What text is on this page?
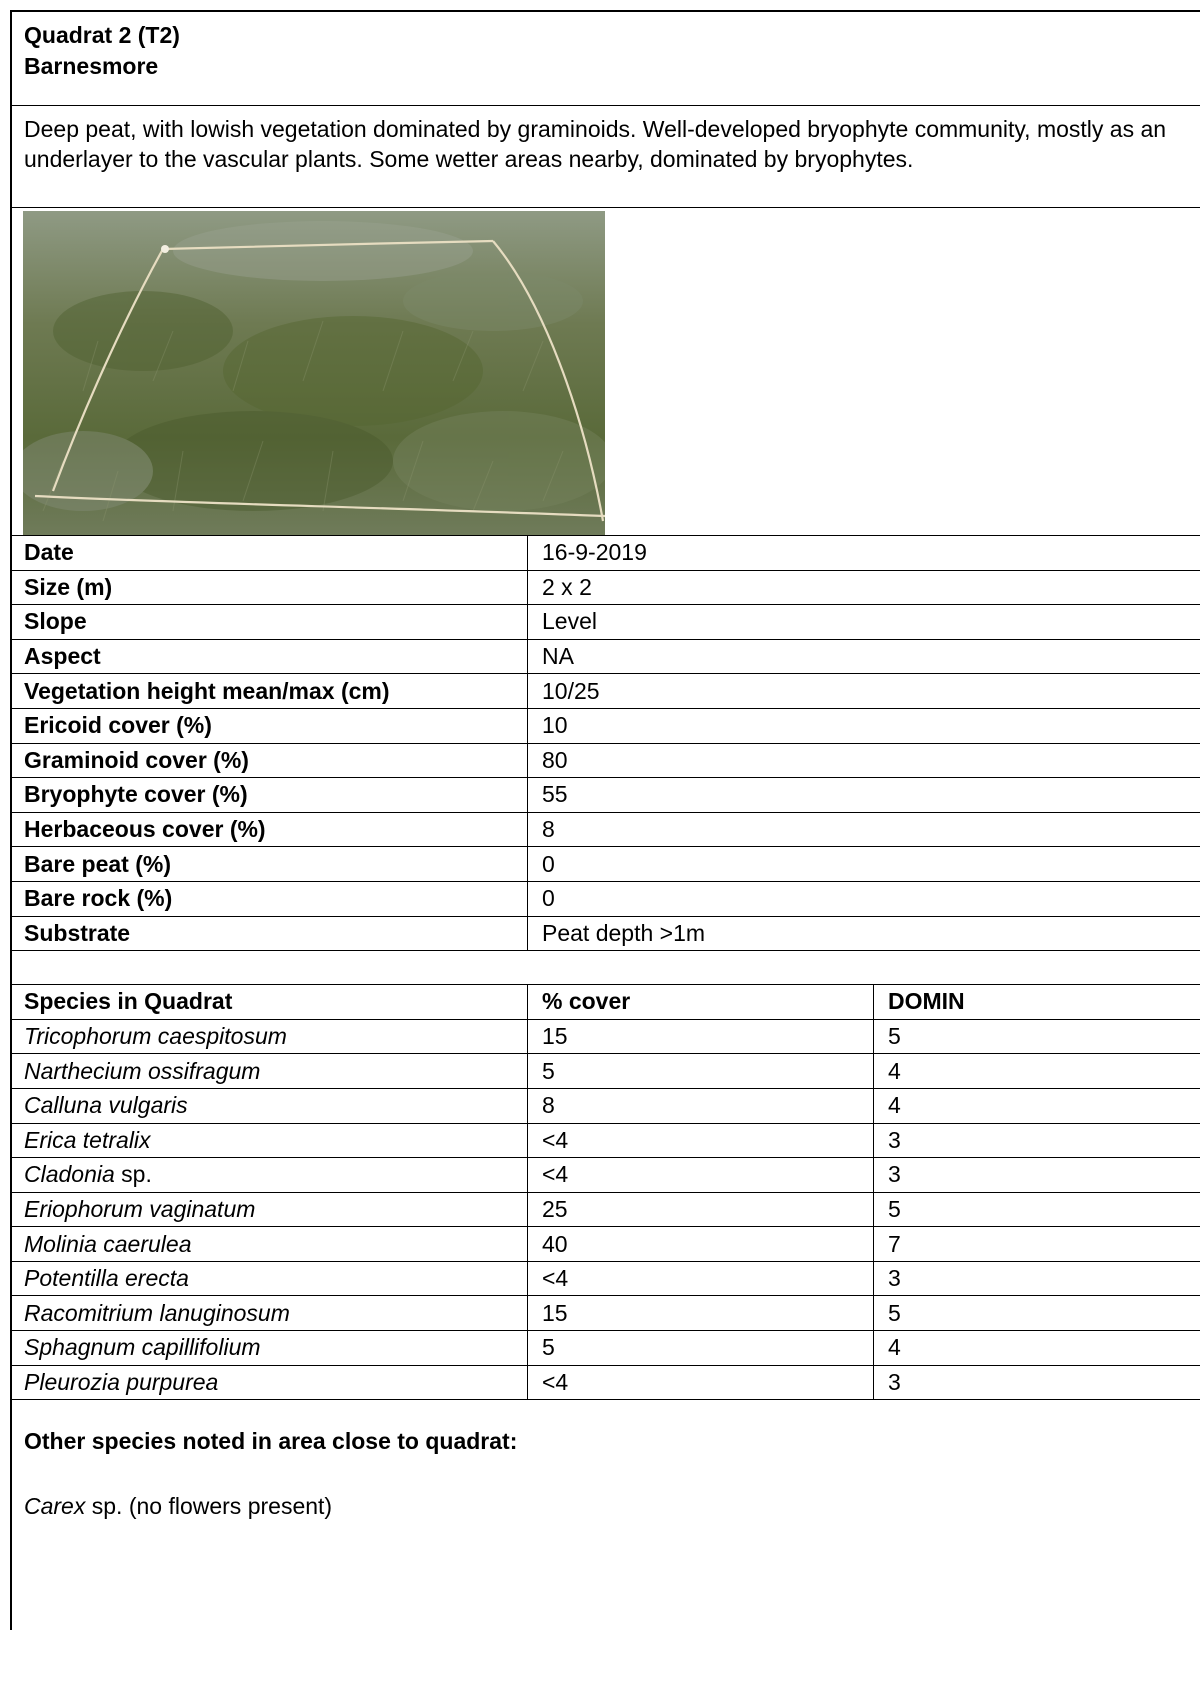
Quadrat 2 (T2)
Barnesmore
Deep peat, with lowish vegetation dominated by graminoids. Well-developed bryophyte community, mostly as an underlayer to the vascular plants. Some wetter areas nearby, dominated by bryophytes.
Date	16-9-2019
Size (m)	2 x 2
Slope	Level
Aspect	NA
Vegetation height mean/max (cm)	10/25
Ericoid cover (%)	10
Graminoid cover (%)	80
Bryophyte cover (%)	55
Herbaceous cover (%)	8
Bare peat (%)	0
Bare rock (%)	0
Substrate	Peat depth >1m
Species in Quadrat	% cover	DOMIN
Tricophorum caespitosum	15	5
Narthecium ossifragum	5	4
Calluna vulgaris	8	4
Erica tetralix	<4	3
Cladonia sp.	<4	3
Eriophorum vaginatum	25	5
Molinia caerulea	40	7
Potentilla erecta	<4	3
Racomitrium lanuginosum	15	5
Sphagnum capillifolium	5	4
Pleurozia purpurea	<4	3
Other species noted in area close to quadrat:
Carex sp. (no flowers present)
